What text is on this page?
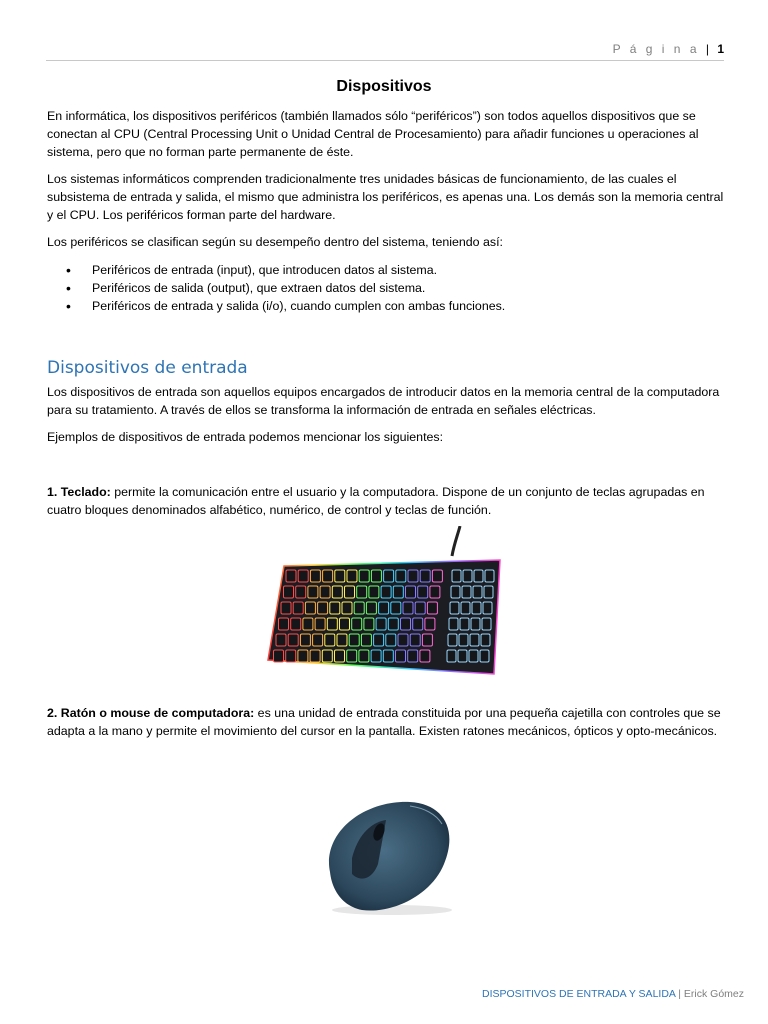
P á g i n a | 1
Dispositivos

En informática, los dispositivos periféricos (también llamados sólo “periféricos”) son todos aquellos dispositivos que se conectan al CPU (Central Processing Unit o Unidad Central de Procesamiento) para añadir funciones u operaciones al sistema, pero que no forman parte permanente de éste.

Los sistemas informáticos comprenden tradicionalmente tres unidades básicas de funcionamiento, de las cuales el subsistema de entrada y salida, el mismo que administra los periféricos, es apenas una. Los demás son la memoria central y el CPU. Los periféricos forman parte del hardware.

Los periféricos se clasifican según su desempeño dentro del sistema, teniendo así:

• Periféricos de entrada (input), que introducen datos al sistema.
• Periféricos de salida (output), que extraen datos del sistema.
• Periféricos de entrada y salida (i/o), cuando cumplen con ambas funciones.
Dispositivos de entrada

Los dispositivos de entrada son aquellos equipos encargados de introducir datos en la memoria central de la computadora para su tratamiento. A través de ellos se transforma la información de entrada en señales eléctricas.

Ejemplos de dispositivos de entrada podemos mencionar los siguientes:

1. Teclado: permite la comunicación entre el usuario y la computadora. Dispone de un conjunto de teclas agrupadas en cuatro bloques denominados alfabético, numérico, de control y teclas de función.

2. Ratón o mouse de computadora: es una unidad de entrada constituida por una pequeña cajetilla con controles que se adapta a la mano y permite el movimiento del cursor en la pantalla. Existen ratones mecánicos, ópticos y opto-mecánicos.

DISPOSITIVOS DE ENTRADA Y SALIDA | Erick Gómez
